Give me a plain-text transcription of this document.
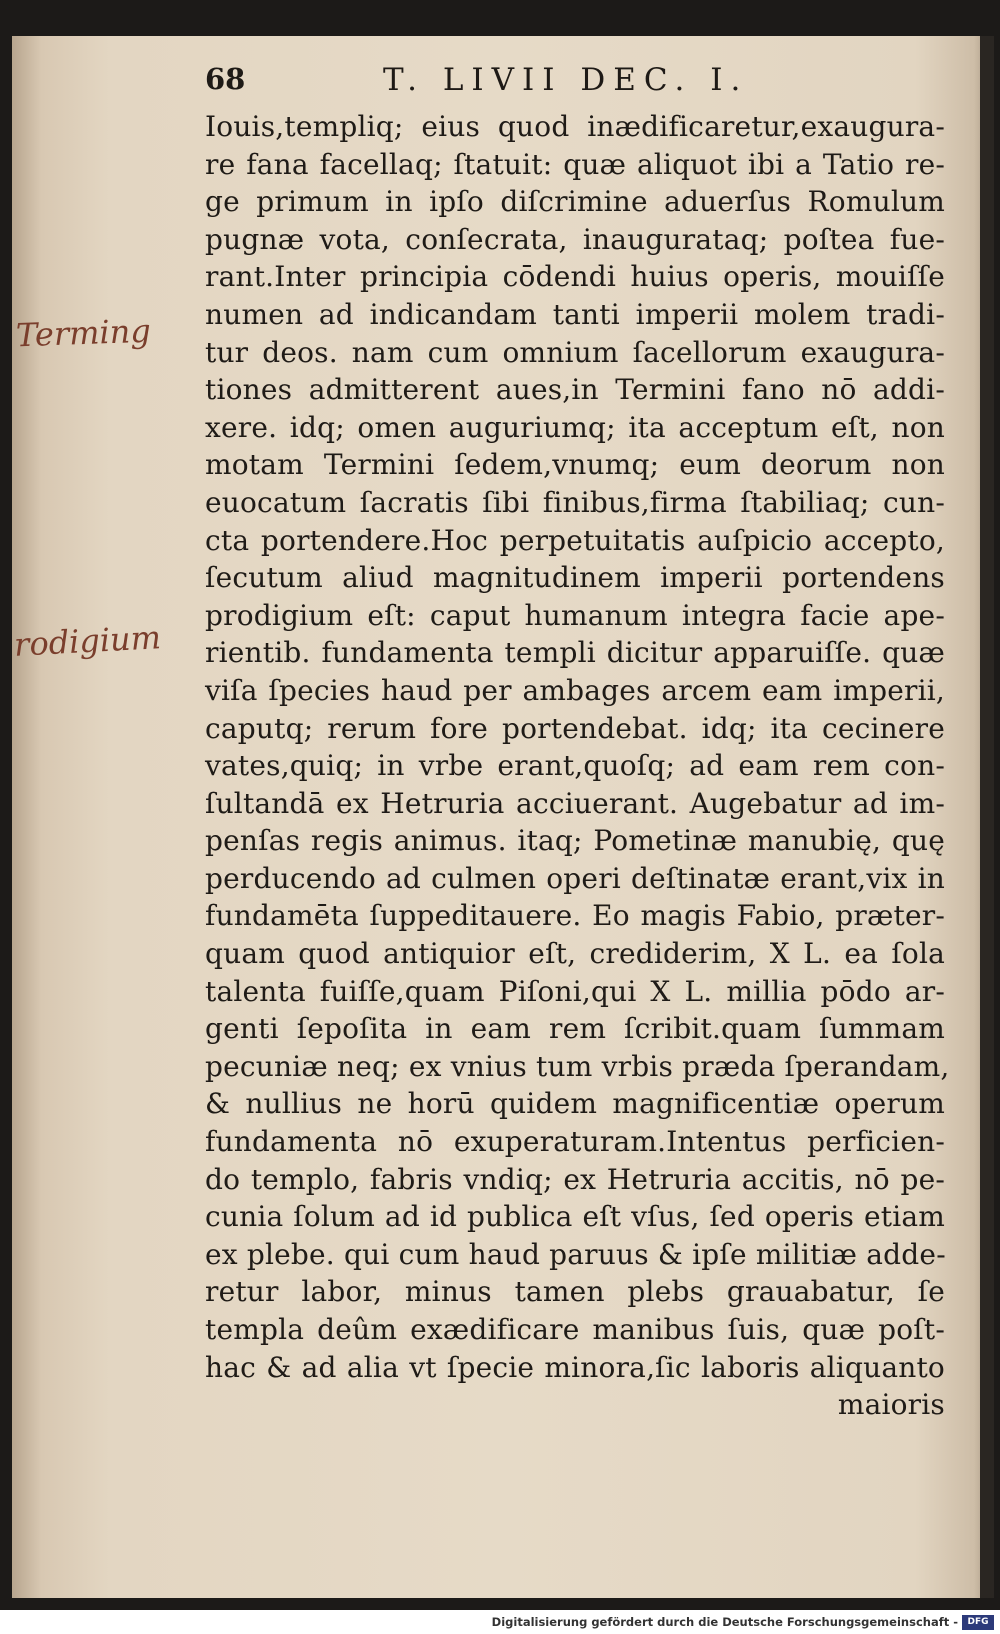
68	T. LIVII DEC. I.
Iouis,templiq; eius quod inædificaretur,exaugura-
re fana facellaq; ſtatuit: quæ aliquot ibi a Tatio re-
ge primum in ipſo diſcrimine aduerſus Romulum
pugnæ vota, conſecrata, inaugurataq; poſtea fue-
rant.Inter principia cōdendi huius operis, mouiſſe
numen ad indicandam tanti imperii molem tradi-
tur deos. nam cum omnium ſacellorum exaugura-
tiones admitterent aues,in Termini fano nō addi-
xere. idq; omen auguriumq; ita acceptum eſt, non
motam Termini ſedem,vnumq; eum deorum non
euocatum ſacratis ſibi finibus,firma ſtabiliaq; cun-
cta portendere.Hoc perpetuitatis auſpicio accepto,
ſecutum aliud magnitudinem imperii portendens
prodigium eſt: caput humanum integra facie ape-
rientib. fundamenta templi dicitur apparuiſſe. quæ
viſa ſpecies haud per ambages arcem eam imperii,
caputq; rerum fore portendebat. idq; ita cecinere
vates,quiq; in vrbe erant,quoſq; ad eam rem con-
ſultandā ex Hetruria acciuerant. Augebatur ad im-
penſas regis animus. itaq; Pometinæ manubię, quę
perducendo ad culmen operi deſtinatæ erant,vix in
fundamēta ſuppeditauere. Eo magis Fabio, præter-
quam quod antiquior eſt, crediderim, X L. ea ſola
talenta fuiſſe,quam Piſoni,qui X L. millia pōdo ar-
genti ſepoſita in eam rem ſcribit.quam ſummam
pecuniæ neq; ex vnius tum vrbis præda ſperandam,
& nullius ne horū quidem magnificentiæ operum
fundamenta nō exuperaturam.Intentus perficien-
do templo, fabris vndiq; ex Hetruria accitis, nō pe-
cunia ſolum ad id publica eſt vſus, ſed operis etiam
ex plebe. qui cum haud paruus & ipſe militiæ adde-
retur labor, minus tamen plebs grauabatur, ſe
templa deûm exædificare manibus ſuis, quæ poſt-
hac & ad alia vt ſpecie minora,ſic laboris aliquanto
maioris
Terming
rodigium
Digitalisierung gefördert durch die Deutsche Forschungsgemeinschaft -	DFG
